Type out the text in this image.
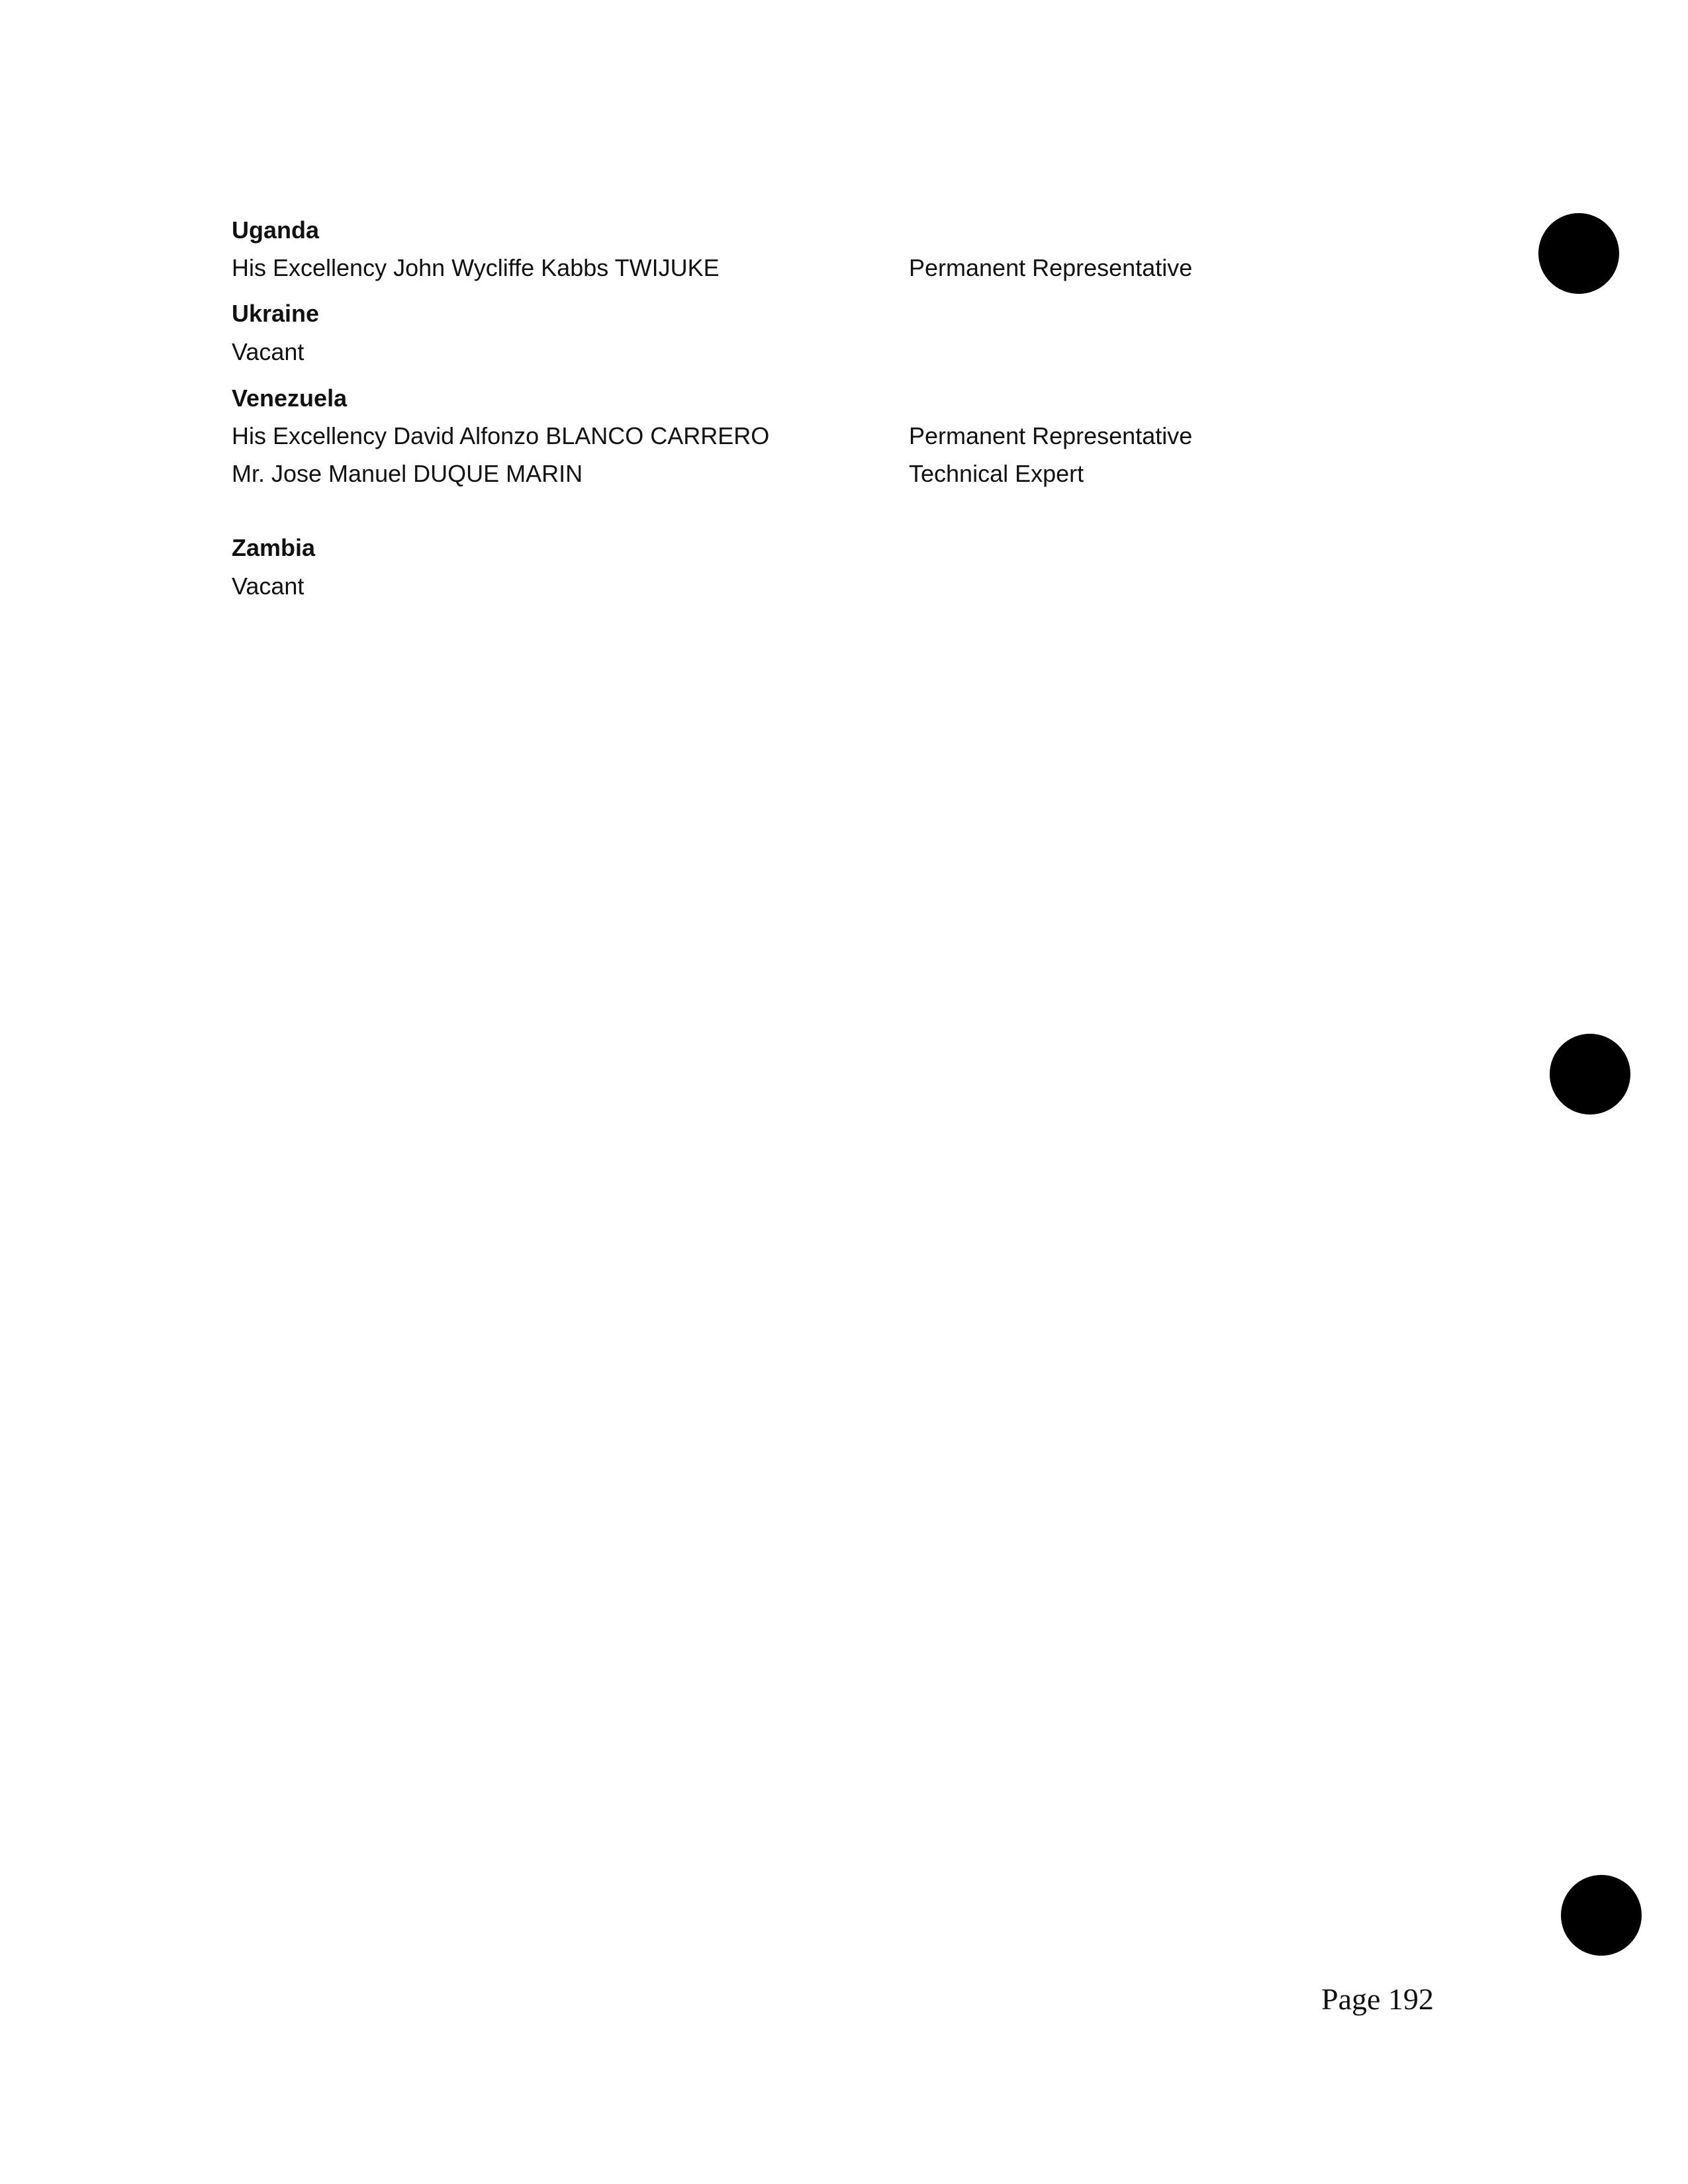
Uganda
His Excellency John Wycliffe Kabbs TWIJUKE	Permanent Representative
Ukraine
Vacant
Venezuela
His Excellency David Alfonzo BLANCO CARRERO	Permanent Representative
Mr. Jose Manuel DUQUE MARIN	Technical Expert
Zambia
Vacant
Page 192
